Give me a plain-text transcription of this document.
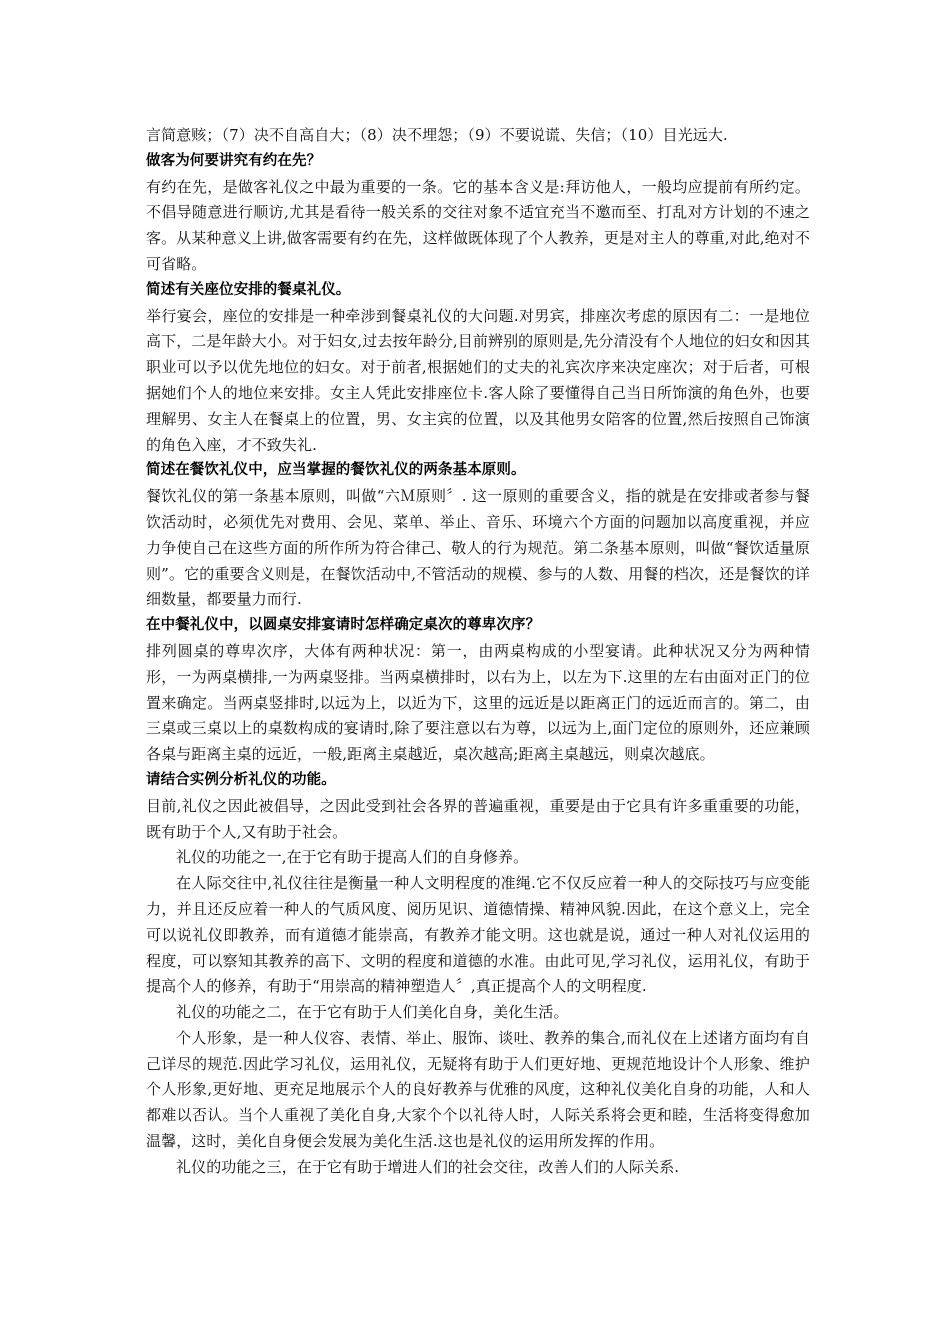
言简意赅；（7）决不自高自大；（8）决不埋怨；（9）不要说谎、失信；（10）目光远大.

做客为何要讲究有约在先？

有约在先，是做客礼仪之中最为重要的一条。它的基本含义是:拜访他人，一般均应提前有所约定。不倡导随意进行顺访,尤其是看待一般关系的交往对象不适宜充当不邀而至、打乱对方计划的不速之客。从某种意义上讲,做客需要有约在先，这样做既体现了个人教养，更是对主人的尊重,对此,绝对不可省略。

简述有关座位安排的餐桌礼仪。

举行宴会，座位的安排是一种牵涉到餐桌礼仪的大问题.对男宾，排座次考虑的原因有二：一是地位高下，二是年龄大小。对于妇女,过去按年龄分,目前辨别的原则是,先分清没有个人地位的妇女和因其职业可以予以优先地位的妇女。对于前者,根据她们的丈夫的礼宾次序来决定座次；对于后者，可根据她们个人的地位来安排。女主人凭此安排座位卡.客人除了要懂得自己当日所饰演的角色外，也要理解男、女主人在餐桌上的位置，男、女主宾的位置，以及其他男女陪客的位置,然后按照自己饰演的角色入座，才不致失礼.

简述在餐饮礼仪中，应当掌握的餐饮礼仪的两条基本原则。

餐饮礼仪的第一条基本原则，叫做“六Ｍ原则〞. 这一原则的重要含义，指的就是在安排或者参与餐饮活动时，必须优先对费用、会见、菜单、举止、音乐、环境六个方面的问题加以高度重视，并应力争使自己在这些方面的所作所为符合律己、敬人的行为规范。第二条基本原则，叫做“餐饮适量原则”。它的重要含义则是，在餐饮活动中,不管活动的规模、参与的人数、用餐的档次，还是餐饮的详细数量，都要量力而行.

在中餐礼仪中，以圆桌安排宴请时怎样确定桌次的尊卑次序？

排列圆桌的尊卑次序，大体有两种状况：第一，由两桌构成的小型宴请。此种状况又分为两种情形，一为两桌横排,一为两桌竖排。当两桌横排时，以右为上，以左为下.这里的左右由面对正门的位置来确定。当两桌竖排时,以远为上，以近为下，这里的远近是以距离正门的远近而言的。第二，由三桌或三桌以上的桌数构成的宴请时,除了要注意以右为尊，以远为上,面门定位的原则外，还应兼顾各桌与距离主桌的远近，一般,距离主桌越近，桌次越高;距离主桌越远，则桌次越底。

请结合实例分析礼仪的功能。

目前,礼仪之因此被倡导，之因此受到社会各界的普遍重视，重要是由于它具有许多重重要的功能，既有助于个人,又有助于社会。

礼仪的功能之一,在于它有助于提高人们的自身修养。

在人际交往中,礼仪往往是衡量一种人文明程度的准绳.它不仅反应着一种人的交际技巧与应变能力，并且还反应着一种人的气质风度、阅历见识、道德情操、精神风貌.因此，在这个意义上，完全可以说礼仪即教养，而有道德才能崇高，有教养才能文明。这也就是说，通过一种人对礼仪运用的程度，可以察知其教养的高下、文明的程度和道德的水准。由此可见,学习礼仪，运用礼仪，有助于提高个人的修养，有助于“用崇高的精神塑造人〞,真正提高个人的文明程度.

礼仪的功能之二，在于它有助于人们美化自身，美化生活。

个人形象，是一种人仪容、表情、举止、服饰、谈吐、教养的集合,而礼仪在上述诸方面均有自己详尽的规范.因此学习礼仪，运用礼仪，无疑将有助于人们更好地、更规范地设计个人形象、维护个人形象,更好地、更充足地展示个人的良好教养与优雅的风度，这种礼仪美化自身的功能，人和人都难以否认。当个人重视了美化自身,大家个个以礼待人时，人际关系将会更和睦，生活将变得愈加温馨，这时，美化自身便会发展为美化生活.这也是礼仪的运用所发挥的作用。

礼仪的功能之三，在于它有助于增进人们的社会交往，改善人们的人际关系.
